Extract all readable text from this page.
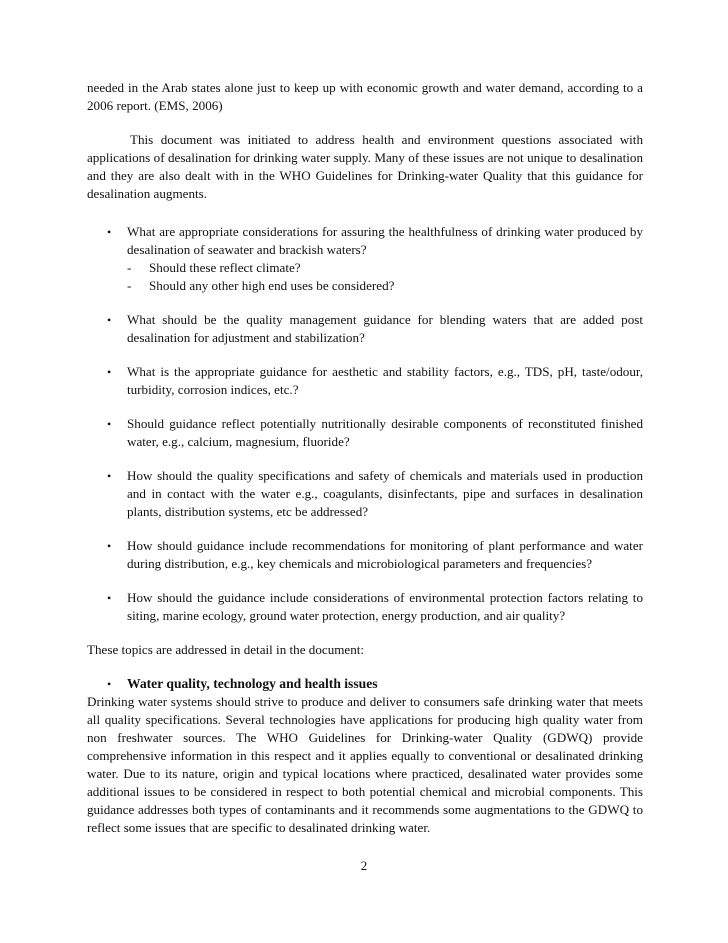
needed in the Arab states alone just to keep up with economic growth and water demand, according to a 2006 report. (EMS, 2006)

This document was initiated to address health and environment questions associated with applications of desalination for drinking water supply. Many of these issues are not unique to desalination and they are also dealt with in the WHO Guidelines for Drinking-water Quality that this guidance for desalination augments.

• What are appropriate considerations for assuring the healthfulness of drinking water produced by desalination of seawater and brackish waters?
- Should these reflect climate?
- Should any other high end uses be considered?
• What should be the quality management guidance for blending waters that are added post desalination for adjustment and stabilization?
• What is the appropriate guidance for aesthetic and stability factors, e.g., TDS, pH, taste/odour, turbidity, corrosion indices, etc.?
• Should guidance reflect potentially nutritionally desirable components of reconstituted finished water, e.g., calcium, magnesium, fluoride?
• How should the quality specifications and safety of chemicals and materials used in production and in contact with the water e.g., coagulants, disinfectants, pipe and surfaces in desalination plants, distribution systems, etc be addressed?
• How should guidance include recommendations for monitoring of plant performance and water during distribution, e.g., key chemicals and microbiological parameters and frequencies?
• How should the guidance include considerations of environmental protection factors relating to siting, marine ecology, ground water protection, energy production, and air quality?

These topics are addressed in detail in the document:

• Water quality, technology and health issues

Drinking water systems should strive to produce and deliver to consumers safe drinking water that meets all quality specifications. Several technologies have applications for producing high quality water from non freshwater sources. The WHO Guidelines for Drinking-water Quality (GDWQ) provide comprehensive information in this respect and it applies equally to conventional or desalinated drinking water. Due to its nature, origin and typical locations where practiced, desalinated water provides some additional issues to be considered in respect to both potential chemical and microbial components. This guidance addresses both types of contaminants and it recommends some augmentations to the GDWQ to reflect some issues that are specific to desalinated drinking water.

2
